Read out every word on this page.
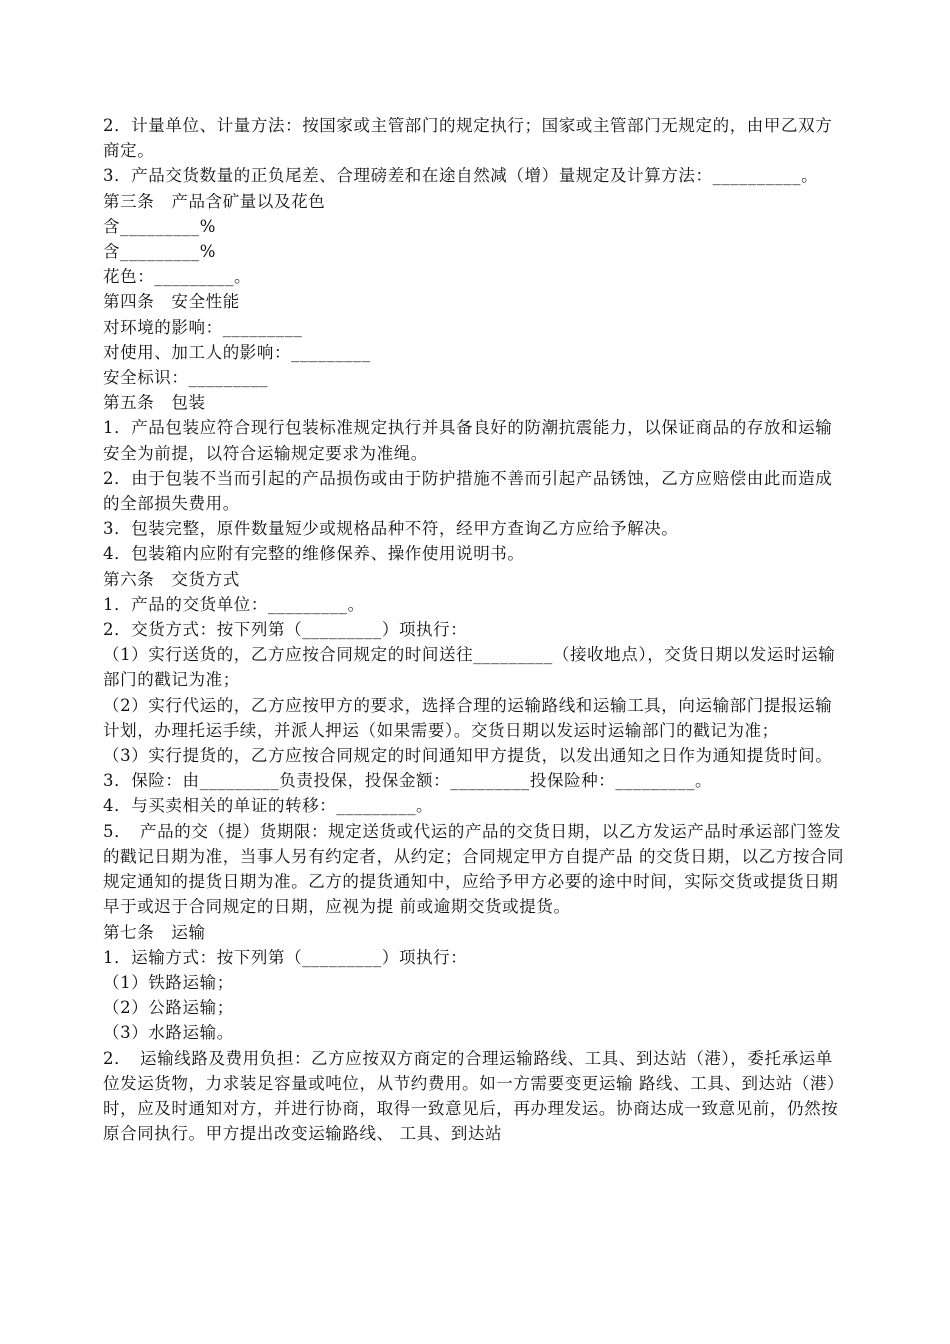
2．计量单位、计量方法：按国家或主管部门的规定执行；国家或主管部门无规定的，由甲乙双方商定。

3．产品交货数量的正负尾差、合理磅差和在途自然减（增）量规定及计算方法：__________。

第三条　产品含矿量以及花色

含_________%

含_________%

花色：_________。

第四条　安全性能

对环境的影响：_________

对使用、加工人的影响：_________

安全标识：_________

第五条　包装

1．产品包装应符合现行包装标准规定执行并具备良好的防潮抗震能力，以保证商品的存放和运输安全为前提，以符合运输规定要求为准绳。

2．由于包装不当而引起的产品损伤或由于防护措施不善而引起产品锈蚀，乙方应赔偿由此而造成的全部损失费用。

3．包装完整，原件数量短少或规格品种不符，经甲方查询乙方应给予解决。

4．包装箱内应附有完整的维修保养、操作使用说明书。

第六条　交货方式

1．产品的交货单位：_________。

2．交货方式：按下列第（_________）项执行：

（1）实行送货的，乙方应按合同规定的时间送往_________（接收地点），交货日期以发运时运输部门的戳记为准；

（2）实行代运的，乙方应按甲方的要求，选择合理的运输路线和运输工具，向运输部门提报运输计划，办理托运手续，并派人押运（如果需要）。交货日期以发运时运输部门的戳记为准；

（3）实行提货的，乙方应按合同规定的时间通知甲方提货，以发出通知之日作为通知提货时间。

3．保险：由_________负责投保，投保金额：_________投保险种：_________。

4．与买卖相关的单证的转移：_________。

5．　产品的交（提）货期限：规定送货或代运的产品的交货日期，以乙方发运产品时承运部门签发的戳记日期为准，当事人另有约定者，从约定；合同规定甲方自提产品 的交货日期，以乙方按合同规定通知的提货日期为准。乙方的提货通知中，应给予甲方必要的途中时间，实际交货或提货日期早于或迟于合同规定的日期，应视为提 前或逾期交货或提货。

第七条　运输

1．运输方式：按下列第（_________）项执行：

（1）铁路运输；

（2）公路运输；

（3）水路运输。

2．　运输线路及费用负担：乙方应按双方商定的合理运输路线、工具、到达站（港），委托承运单位发运货物，力求装足容量或吨位，从节约费用。如一方需要变更运输 路线、工具、到达站（港）时，应及时通知对方，并进行协商，取得一致意见后，再办理发运。协商达成一致意见前，仍然按原合同执行。甲方提出改变运输路线、 工具、到达站
